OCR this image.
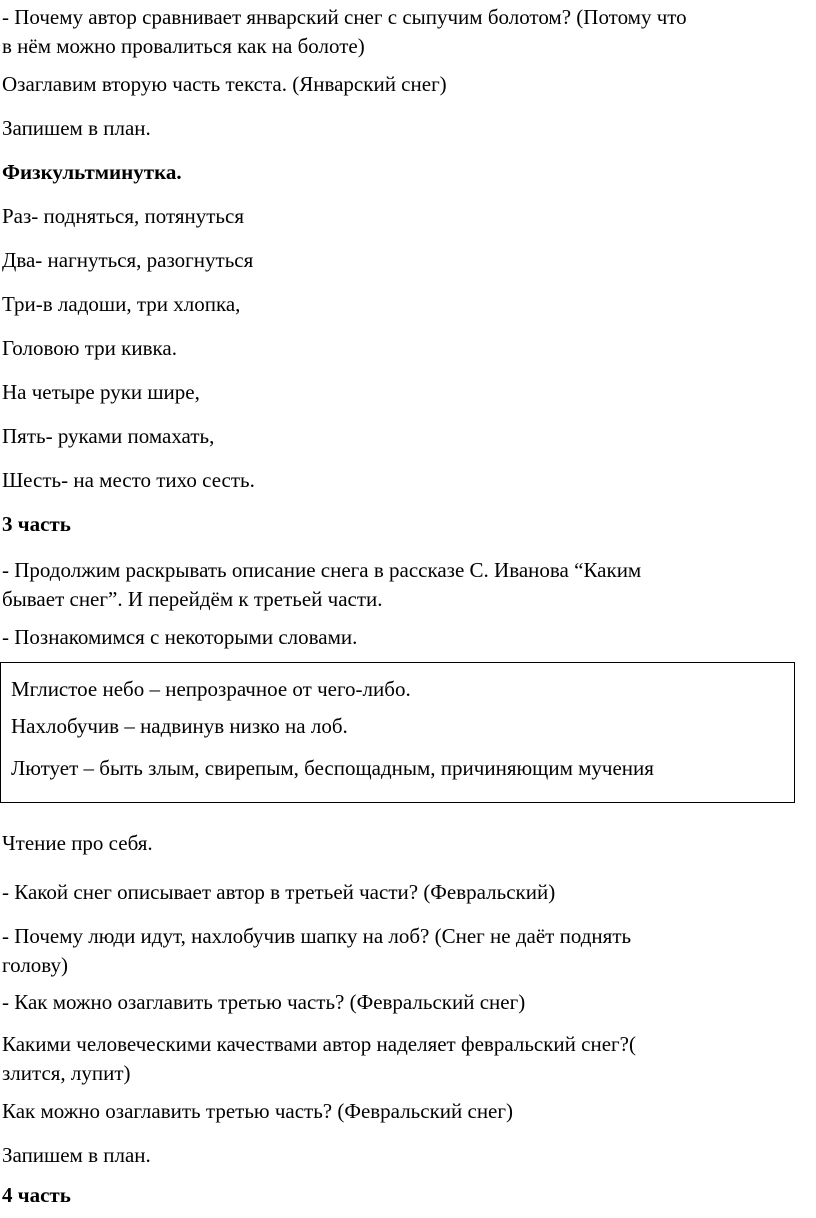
- Почему автор сравнивает январский снег с сыпучим болотом? (Потому что
в нём можно провалиться как на болоте)
Озаглавим вторую часть текста. (Январский снег)
Запишем в план.
Физкультминутка.
Раз- подняться, потянуться
Два- нагнуться, разогнуться
Три-в ладоши, три хлопка,
Головою три кивка.
На четыре руки шире,
Пять- руками помахать,
Шесть- на место тихо сесть.
3 часть
- Продолжим раскрывать описание снега в рассказе С. Иванова “Каким
бывает снег”. И перейдём к третьей части.
- Познакомимся с некоторыми словами.
Мглистое небо – непрозрачное от чего-либо.
Нахлобучив – надвинув низко на лоб.
Лютует – быть злым, свирепым, беспощадным, причиняющим мучения
Чтение про себя.
- Какой снег описывает автор в третьей части? (Февральский)
- Почему люди идут, нахлобучив шапку на лоб? (Снег не даёт поднять
голову)
- Как можно озаглавить третью часть? (Февральский снег)
Какими человеческими качествами автор наделяет февральский снег?(
злится, лупит)
Как можно озаглавить третью часть? (Февральский снег)
Запишем в план.
4 часть
